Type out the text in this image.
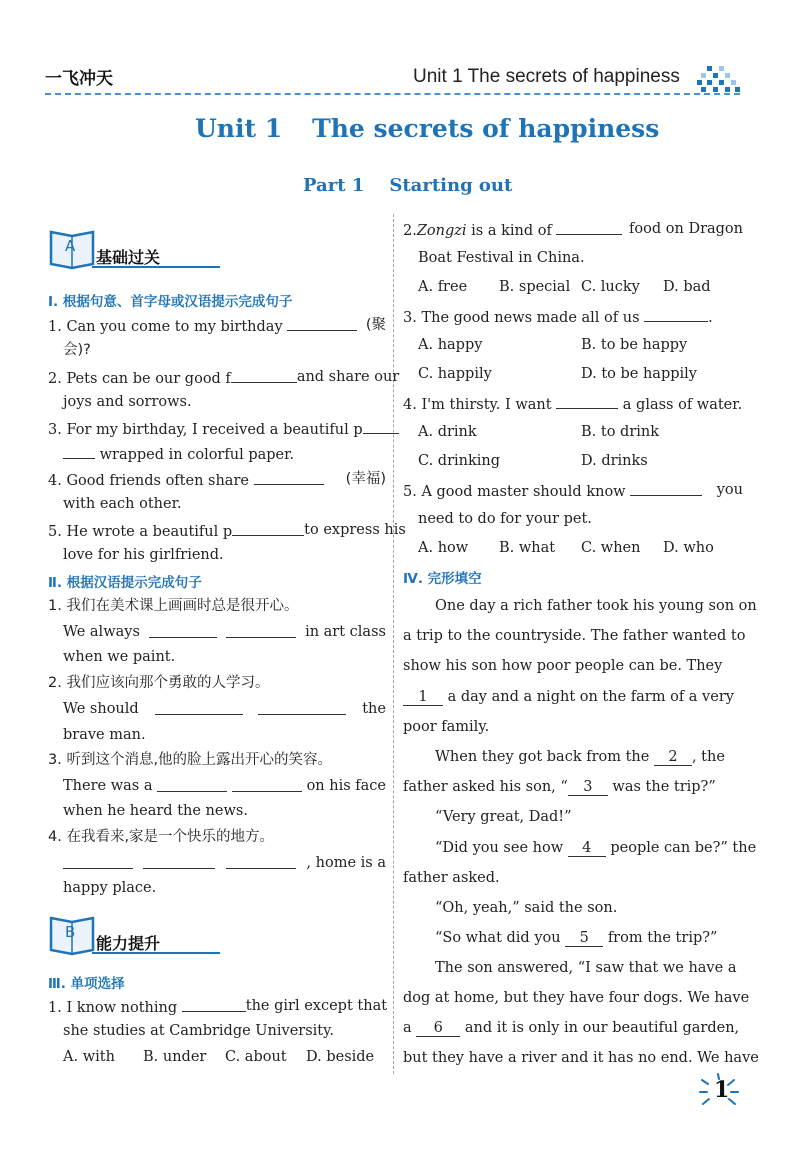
一飞冲天	Unit 1 The secrets of happiness
Unit 1 The secrets of happiness
Part 1    Starting out
A
基础过关
Ⅰ. 根据句意、首字母或汉语提示完成句子
1. Can you come to my birthday	(聚
会)?
2. Pets can be our good f	and share our
joys and sorrows.
3. For my birthday, I received a beautiful p
wrapped in colorful paper.
4. Good friends often share	(幸福)
with each other.
5. He wrote a beautiful p	to express his
love for his girlfriend.
Ⅱ. 根据汉语提示完成句子
1. 我们在美术课上画画时总是很开心。
We always	in art class
when we paint.
2. 我们应该向那个勇敢的人学习。
We should	the
brave man.
3. 听到这个消息,他的脸上露出开心的笑容。
There was a	on his face
when he heard the news.
4. 在我看来,家是一个快乐的地方。
, home is a
happy place.
B
能力提升
Ⅲ. 单项选择
1. I know nothing	the girl except that
she studies at Cambridge University.
A. with B. under C. about D. beside
2.Zongzi is a kind of	food on Dragon
Boat Festival in China.
A. free B. special C. lucky D. bad
3. The good news made all of us	.
A. happy	B. to be happy
C. happily	D. to be happily
4. I'm thirsty. I want	a glass of water.
A. drink	B. to drink
C. drinking	D. drinks
5. A good master should know	you
need to do for your pet.
A. how B. what C. when D. who
Ⅳ. 完形填空
One day a rich father took his young son on
a trip to the countryside. The father wanted to
show his son how poor people can be. They
1 a day and a night on the farm of a very
poor family.
When they got back from the 2 , the
father asked his son, “ 3 was the trip?”
“Very great, Dad!”
“Did you see how 4 people can be?” the
father asked.
“Oh, yeah,” said the son.
“So what did you 5 from the trip?”
The son answered, “I saw that we have a
dog at home, but they have four dogs. We have
a 6 and it is only in our beautiful garden,
but they have a river and it has no end. We have
1
